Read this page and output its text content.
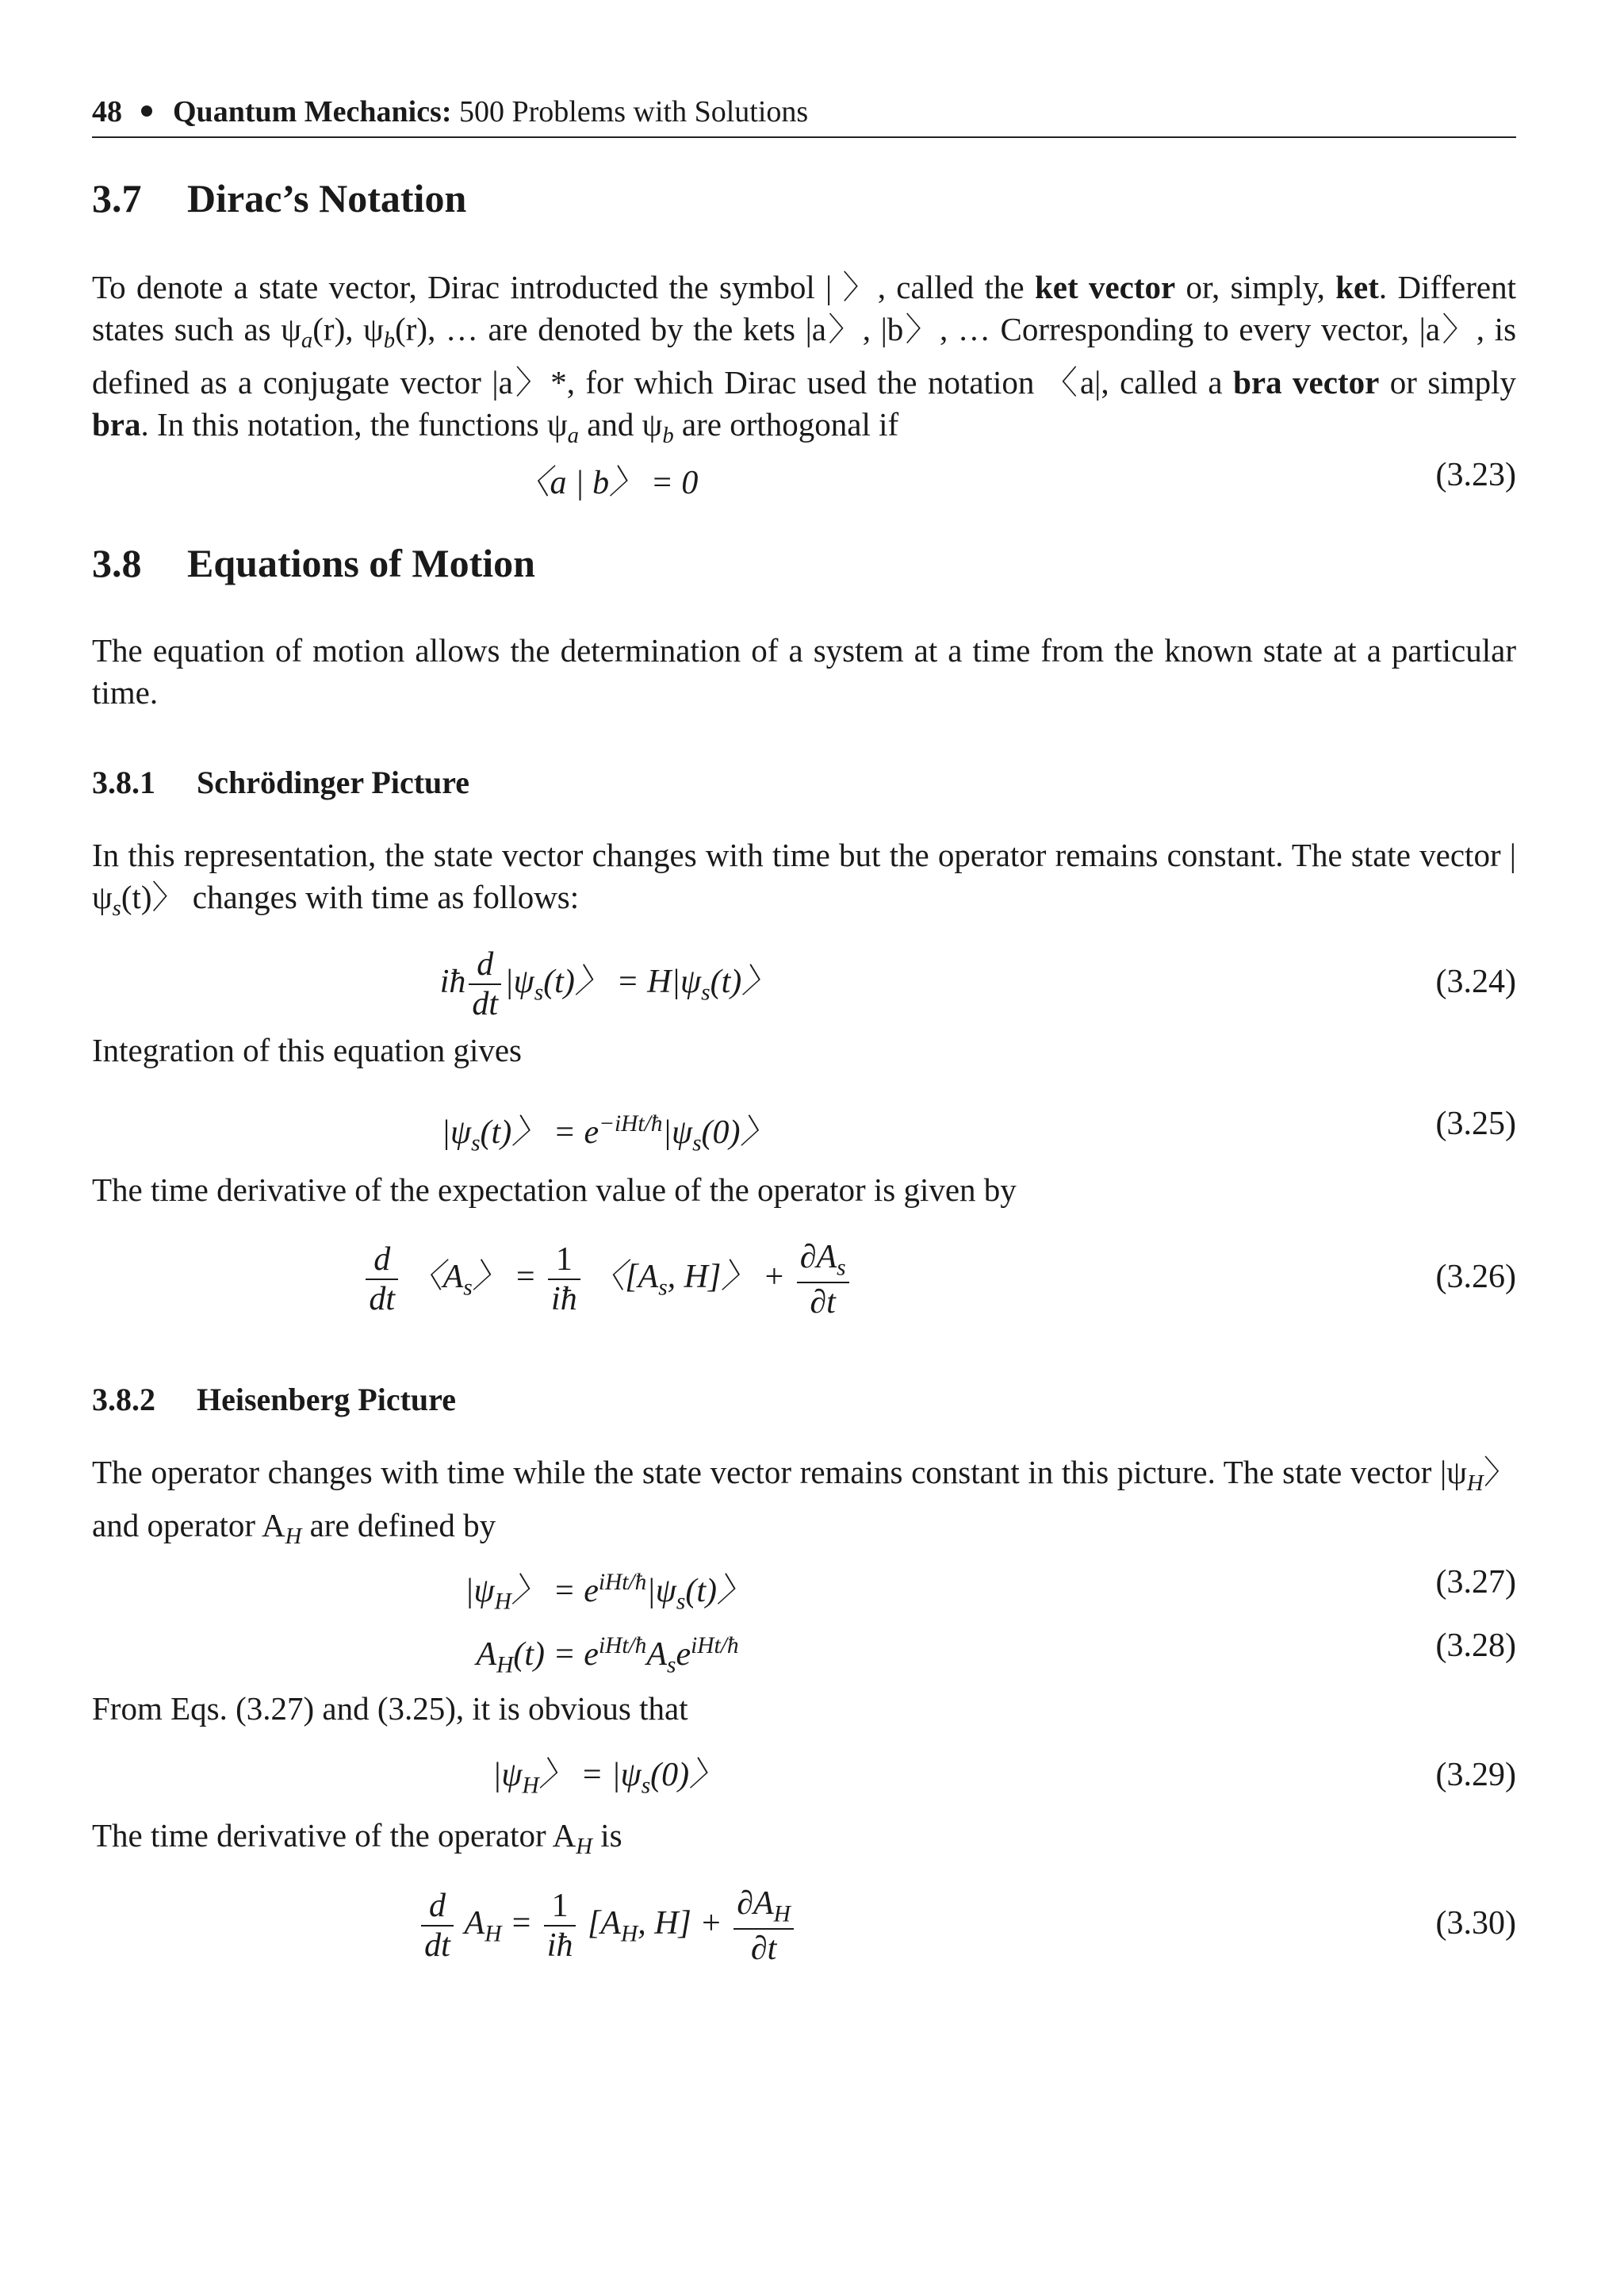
48 Quantum Mechanics: 500 Problems with Solutions
3.7 Dirac’s Notation
To denote a state vector, Dirac introducted the symbol | 〉, called the ket vector or, simply, ket. Different states such as $\psi_a(r)$, $\psi_b(r)$, … are denoted by the kets |a〉, |b〉, … Corresponding to every vector, |a〉, is defined as a conjugate vector |a〉*, for which Dirac used the notation 〈a|, called a bra vector or simply bra. In this notation, the functions $\psi_a$ and $\psi_b$ are orthogonal if
〈a | b〉 = 0	(3.23)
3.8 Equations of Motion
The equation of motion allows the determination of a system at a time from the known state at a particular time.
3.8.1 Schrödinger Picture
In this representation, the state vector changes with time but the operator remains constant. The state vector $|\psi_s(t)$〉 changes with time as follows:
iħ $\frac{d}{dt} |\psi_s(t)$〉 = $H|\psi_s(t)$〉	(3.24)
Integration of this equation gives
$|\psi_s(t)$〉 = $e^{-iHt/ħ}|\psi_s(0)$〉	(3.25)
The time derivative of the expectation value of the operator is given by
$\frac{d}{dt}$ 〈$A_s$〉 = $\frac{1}{iħ}$ 〈[$A_s$, H]〉 + $\frac{\partial A_s}{\partial t}$	(3.26)
3.8.2 Heisenberg Picture
The operator changes with time while the state vector remains constant in this picture. The state vector $|\psi_H$〉 and operator $A_H$ are defined by
$|\psi_H$〉 = $e^{iHt/ħ}|\psi_s(t)$〉	(3.27)
$A_H(t) = e^{iHt/ħ}A_se^{iHt/ħ}$	(3.28)
From Eqs. (3.27) and (3.25), it is obvious that
$|\psi_H$〉 = $|\psi_s(0)$〉	(3.29)
The time derivative of the operator $A_H$ is
$\frac{d}{dt} A_H = \frac{1}{iħ} [A_H$, $H] + \frac{\partial A_H}{\partial t}$	(3.30)
